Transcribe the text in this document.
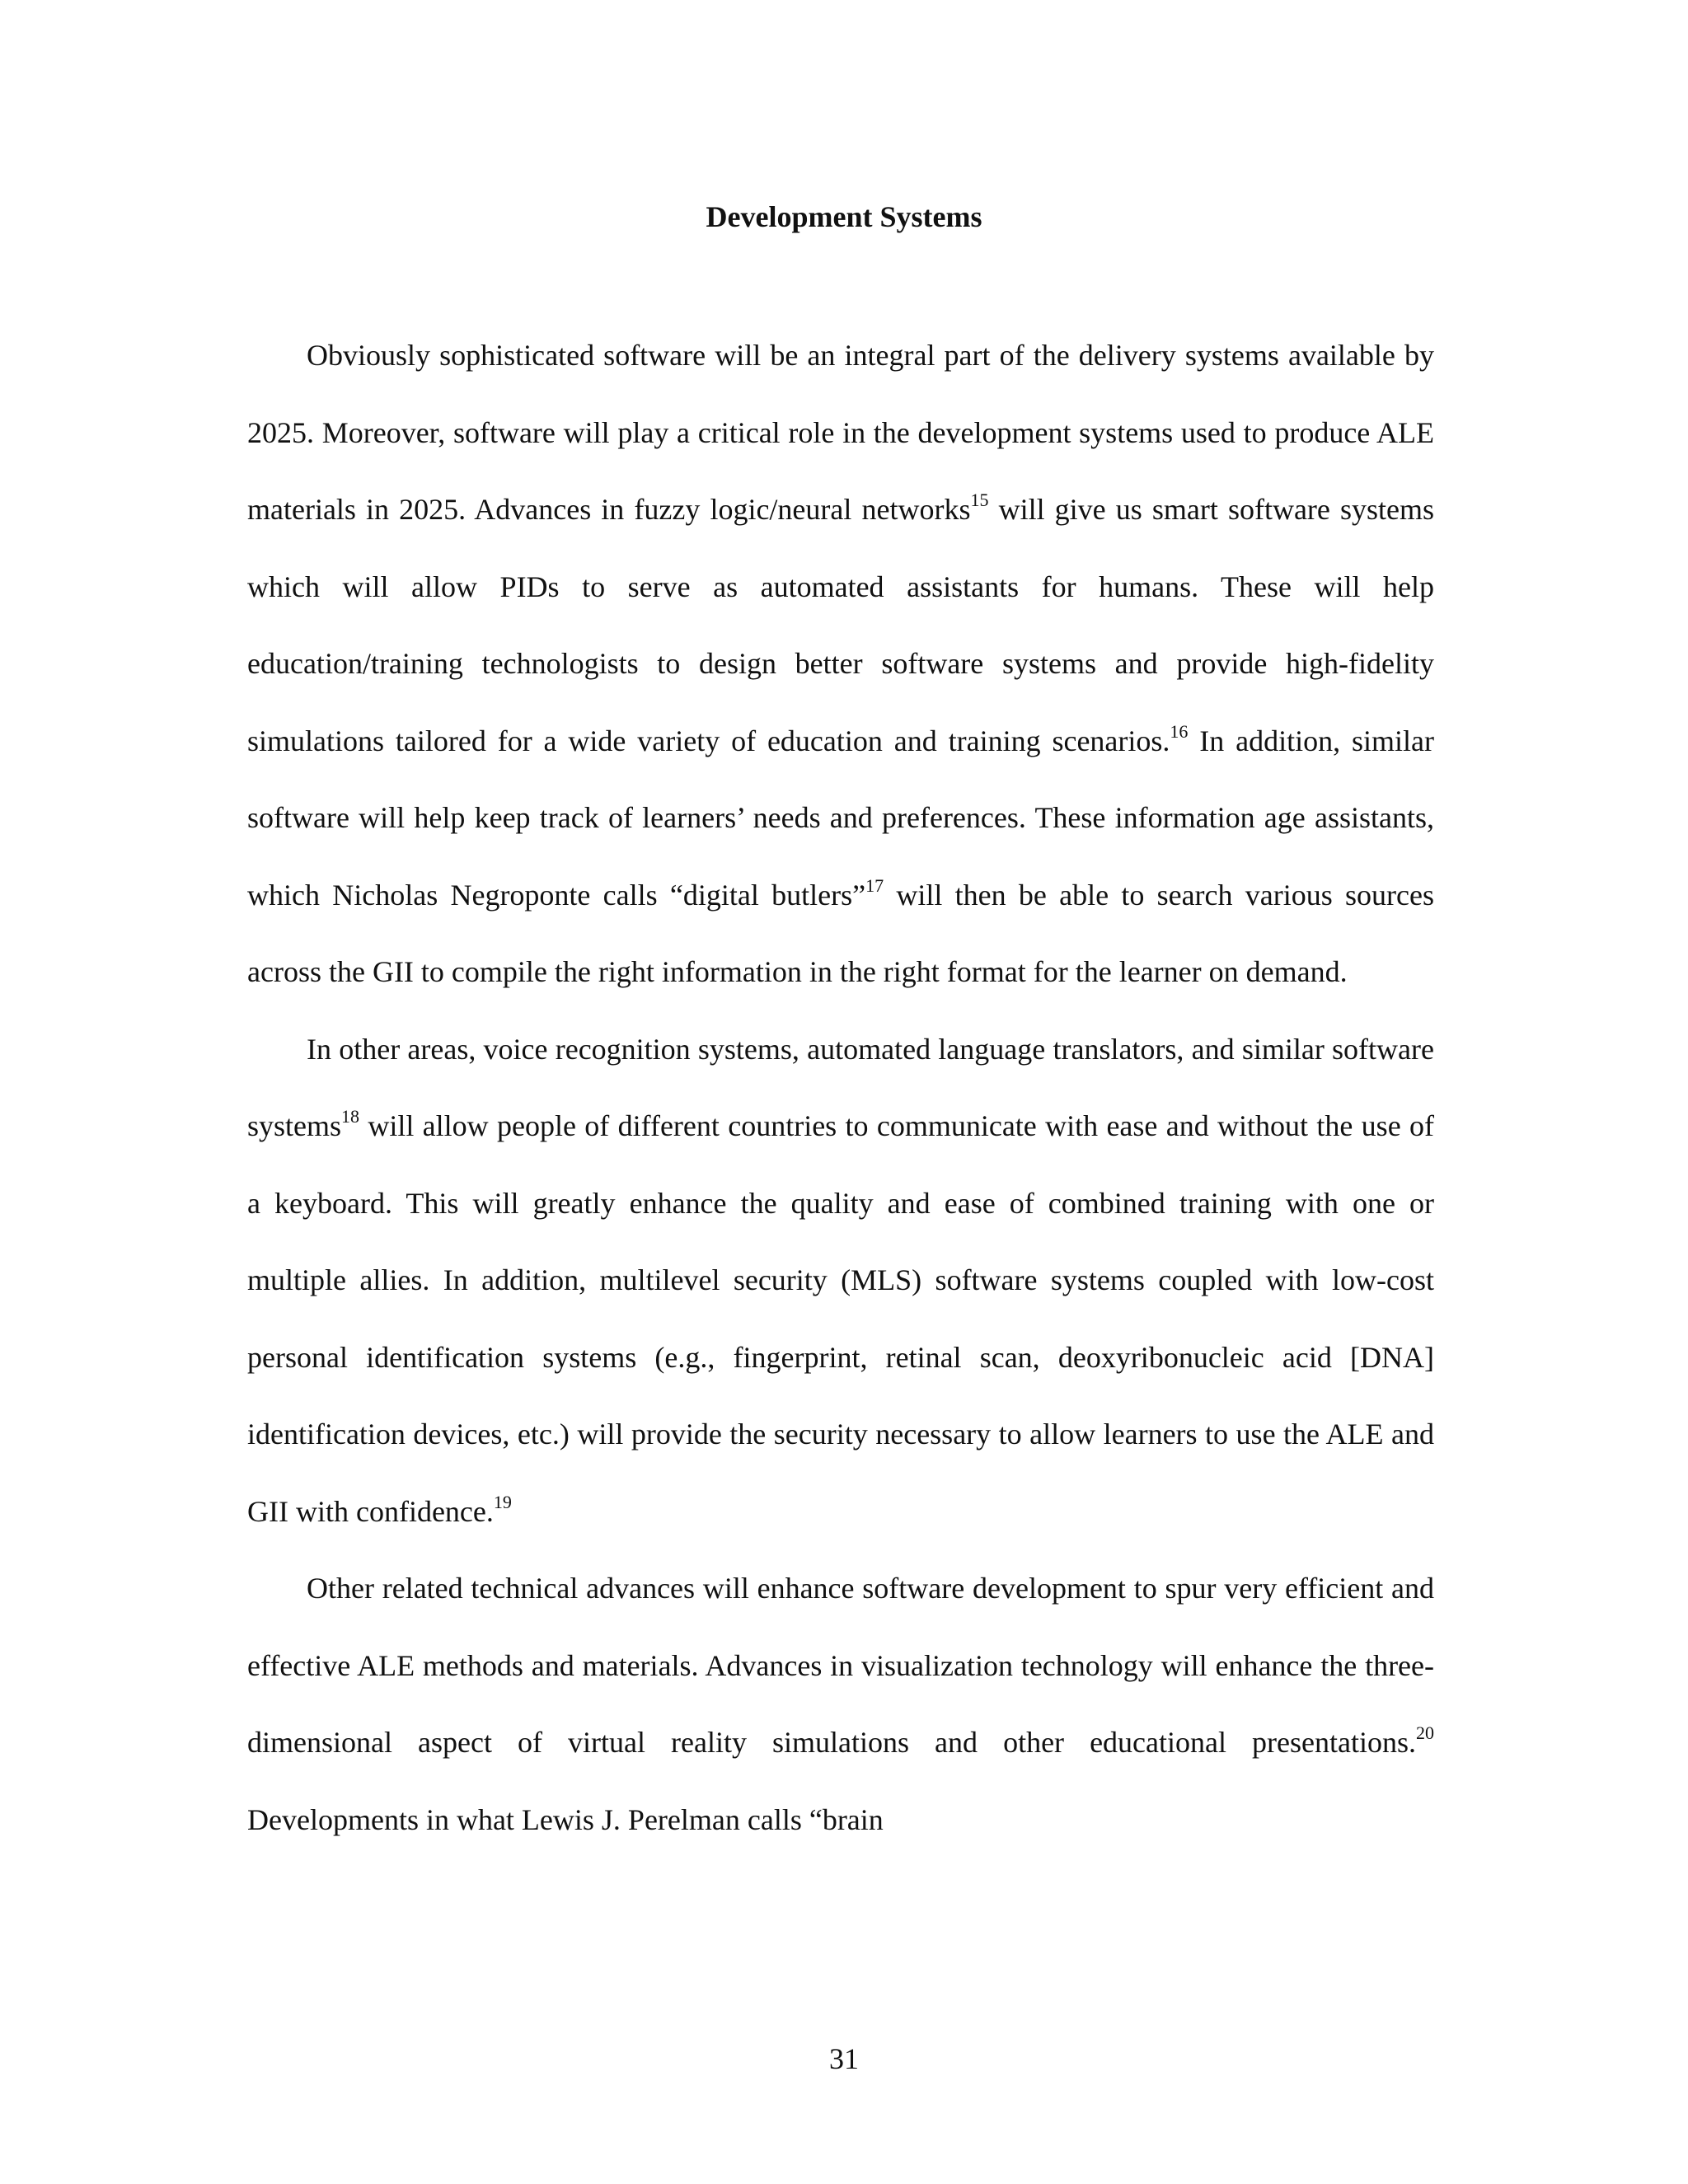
Development Systems

Obviously sophisticated software will be an integral part of the delivery systems available by 2025. Moreover, software will play a critical role in the development systems used to produce ALE materials in 2025. Advances in fuzzy logic/neural networks$^{15}$ will give us smart software systems which will allow PIDs to serve as automated assistants for humans. These will help education/training technologists to design better software systems and provide high-fidelity simulations tailored for a wide variety of education and training scenarios.$^{16}$ In addition, similar software will help keep track of learners’ needs and preferences. These information age assistants, which Nicholas Negroponte calls “digital butlers”$^{17}$ will then be able to search various sources across the GII to compile the right information in the right format for the learner on demand.

In other areas, voice recognition systems, automated language translators, and similar software systems$^{18}$ will allow people of different countries to communicate with ease and without the use of a keyboard. This will greatly enhance the quality and ease of combined training with one or multiple allies. In addition, multilevel security (MLS) software systems coupled with low-cost personal identification systems (e.g., fingerprint, retinal scan, deoxyribonucleic acid [DNA] identification devices, etc.) will provide the security necessary to allow learners to use the ALE and GII with confidence.$^{19}$

Other related technical advances will enhance software development to spur very efficient and effective ALE methods and materials. Advances in visualization technology will enhance the three-dimensional aspect of virtual reality simulations and other educational presentations.$^{20}$ Developments in what Lewis J. Perelman calls “brain

31
